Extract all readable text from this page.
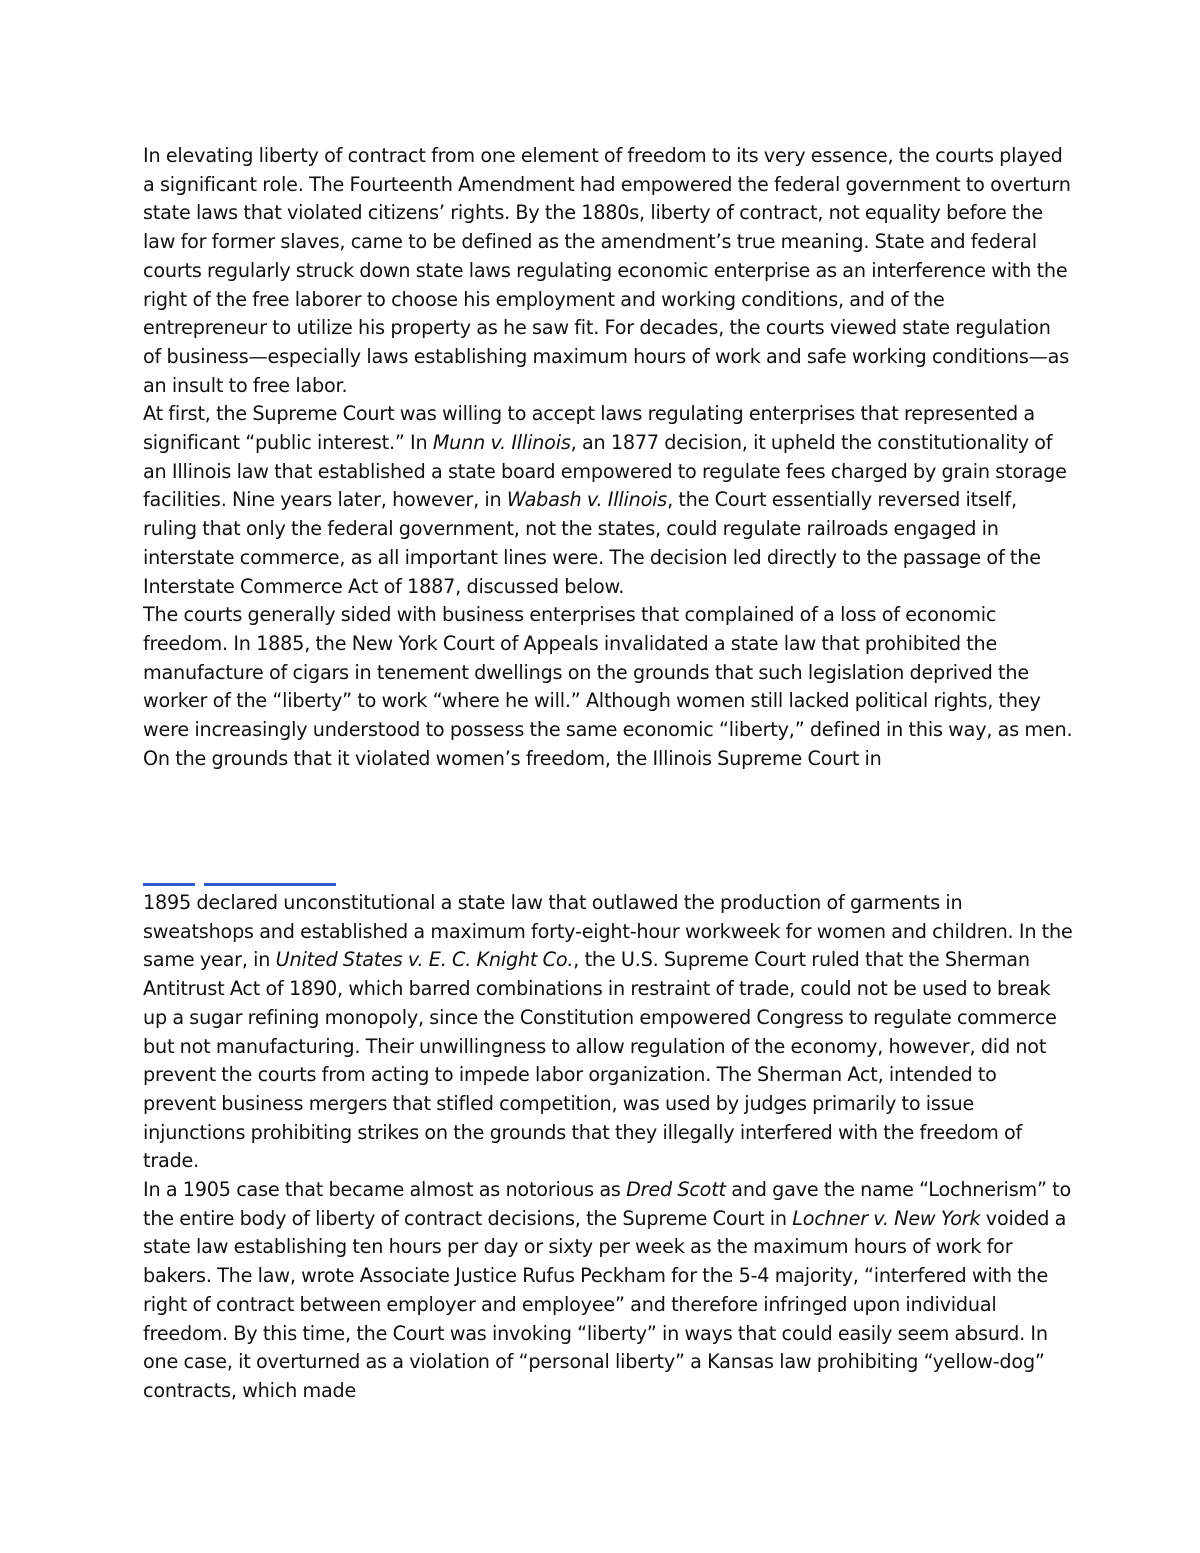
In elevating liberty of contract from one element of freedom to its very essence, the courts played a significant role. The Fourteenth Amendment had empowered the federal government to overturn state laws that violated citizens’ rights. By the 1880s, liberty of contract, not equality before the law for former slaves, came to be defined as the amendment’s true meaning. State and federal courts regularly struck down state laws regulating economic enterprise as an interference with the right of the free laborer to choose his employment and working conditions, and of the entrepreneur to utilize his property as he saw fit. For decades, the courts viewed state regulation of business—especially laws establishing maximum hours of work and safe working conditions—as an insult to free labor.

At first, the Supreme Court was willing to accept laws regulating enterprises that represented a significant “public interest.” In Munn v. Illinois, an 1877 decision, it upheld the constitutionality of an Illinois law that established a state board empowered to regulate fees charged by grain storage facilities. Nine years later, however, in Wabash v. Illinois, the Court essentially reversed itself, ruling that only the federal government, not the states, could regulate railroads engaged in interstate commerce, as all important lines were. The decision led directly to the passage of the Interstate Commerce Act of 1887, discussed below.

The courts generally sided with business enterprises that complained of a loss of economic freedom. In 1885, the New York Court of Appeals invalidated a state law that prohibited the manufacture of cigars in tenement dwellings on the grounds that such legislation deprived the worker of the “liberty” to work “where he will.” Although women still lacked political rights, they were increasingly understood to possess the same economic “liberty,” defined in this way, as men. On the grounds that it violated women’s freedom, the Illinois Supreme Court in

1895 declared unconstitutional a state law that outlawed the production of garments in sweatshops and established a maximum forty-eight-hour workweek for women and children. In the same year, in United States v. E. C. Knight Co., the U.S. Supreme Court ruled that the Sherman Antitrust Act of 1890, which barred combinations in restraint of trade, could not be used to break up a sugar refining monopoly, since the Constitution empowered Congress to regulate commerce but not manufacturing. Their unwillingness to allow regulation of the economy, however, did not prevent the courts from acting to impede labor organization. The Sherman Act, intended to prevent business mergers that stifled competition, was used by judges primarily to issue injunctions prohibiting strikes on the grounds that they illegally interfered with the freedom of trade.

In a 1905 case that became almost as notorious as Dred Scott and gave the name “Lochnerism” to the entire body of liberty of contract decisions, the Supreme Court in Lochner v. New York voided a state law establishing ten hours per day or sixty per week as the maximum hours of work for bakers. The law, wrote Associate Justice Rufus Peckham for the 5-4 majority, “interfered with the right of contract between employer and employee” and therefore infringed upon individual freedom. By this time, the Court was invoking “liberty” in ways that could easily seem absurd. In one case, it overturned as a violation of “personal liberty” a Kansas law prohibiting “yellow-dog” contracts, which made
